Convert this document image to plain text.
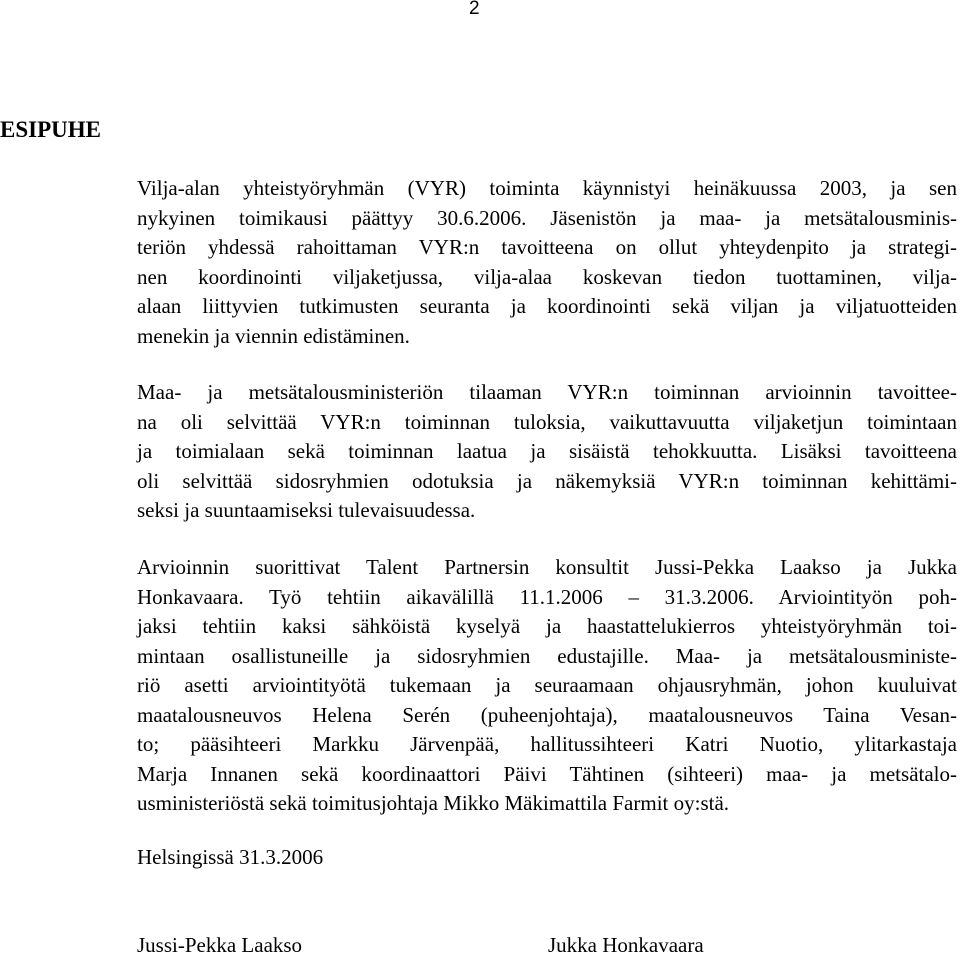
2
ESIPUHE
Vilja-alan yhteistyöryhmän (VYR) toiminta käynnistyi heinäkuussa 2003, ja sen
nykyinen toimikausi päättyy 30.6.2006. Jäsenistön ja maa- ja metsätalousminis-
teriön yhdessä rahoittaman VYR:n tavoitteena on ollut yhteydenpito ja strategi-
nen koordinointi viljaketjussa, vilja-alaa koskevan tiedon tuottaminen, vilja-
alaan liittyvien tutkimusten seuranta ja koordinointi sekä viljan ja viljatuotteiden
menekin ja viennin edistäminen.
Maa- ja metsätalousministeriön tilaaman VYR:n toiminnan arvioinnin tavoittee-
na oli selvittää VYR:n toiminnan tuloksia, vaikuttavuutta viljaketjun toimintaan
ja toimialaan sekä toiminnan laatua ja sisäistä tehokkuutta. Lisäksi tavoitteena
oli selvittää sidosryhmien odotuksia ja näkemyksiä VYR:n toiminnan kehittämi-
seksi ja suuntaamiseksi tulevaisuudessa.
Arvioinnin suorittivat Talent Partnersin konsultit Jussi-Pekka Laakso ja Jukka
Honkavaara. Työ tehtiin aikavälillä 11.1.2006 – 31.3.2006. Arviointityön poh-
jaksi tehtiin kaksi sähköistä kyselyä ja haastattelukierros yhteistyöryhmän toi-
mintaan osallistuneille ja sidosryhmien edustajille. Maa- ja metsätalousministe-
riö asetti arviointityötä tukemaan ja seuraamaan ohjausryhmän, johon kuuluivat
maatalousneuvos Helena Serén (puheenjohtaja), maatalousneuvos Taina Vesan-
to; pääsihteeri Markku Järvenpää, hallitussihteeri Katri Nuotio, ylitarkastaja
Marja Innanen sekä koordinaattori Päivi Tähtinen (sihteeri) maa- ja metsätalo-
usministeriöstä sekä toimitusjohtaja Mikko Mäkimattila Farmit oy:stä.
Helsingissä 31.3.2006
Jussi-Pekka Laakso	Jukka Honkavaara
